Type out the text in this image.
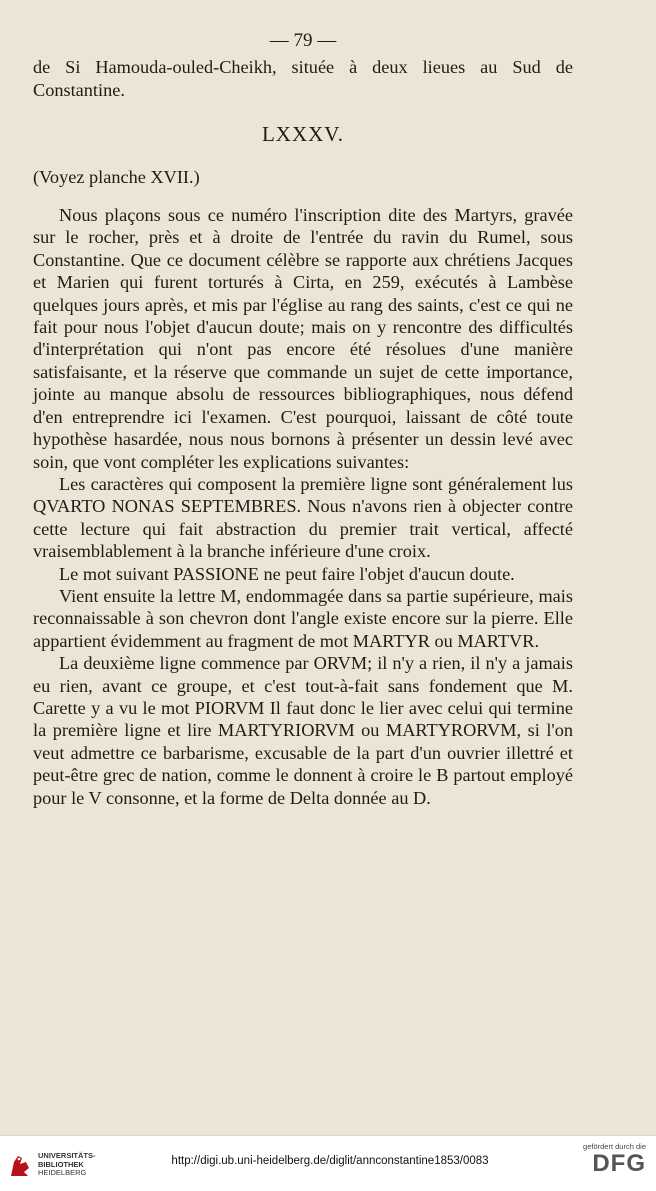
— 79 —

de Si Hamouda-ouled-Cheikh, située à deux lieues au Sud de Constantine.

LXXXV.

(Voyez planche XVII.)

Nous plaçons sous ce numéro l'inscription dite des Martyrs, gravée sur le rocher, près et à droite de l'entrée du ravin du Rumel, sous Constantine. Que ce document célèbre se rapporte aux chrétiens Jacques et Marien qui furent torturés à Cirta, en 259, exécutés à Lambèse quelques jours après, et mis par l'église au rang des saints, c'est ce qui ne fait pour nous l'objet d'aucun doute; mais on y rencontre des difficultés d'interprétation qui n'ont pas encore été résolues d'une manière satisfaisante, et la réserve que commande un sujet de cette importance, jointe au manque absolu de ressources bibliographiques, nous défend d'en entreprendre ici l'examen. C'est pourquoi, laissant de côté toute hypothèse hasardée, nous nous bornons à présenter un dessin levé avec soin, que vont compléter les explications suivantes:

Les caractères qui composent la première ligne sont généralement lus QVARTO NONAS SEPTEMBRES. Nous n'avons rien à objecter contre cette lecture qui fait abstraction du premier trait vertical, affecté vraisemblablement à la branche inférieure d'une croix.

Le mot suivant PASSIONE ne peut faire l'objet d'aucun doute.

Vient ensuite la lettre M, endommagée dans sa partie supérieure, mais reconnaissable à son chevron dont l'angle existe encore sur la pierre. Elle appartient évidemment au fragment de mot MARTYR ou MARTVR.

La deuxième ligne commence par ORVM; il n'y a rien, il n'y a jamais eu rien, avant ce groupe, et c'est tout-à-fait sans fondement que M. Carette y a vu le mot PIORVM Il faut donc le lier avec celui qui termine la première ligne et lire MARTYRIORVM ou MARTYRORVM, si l'on veut admettre ce barbarisme, excusable de la part d'un ouvrier illettré et peut-être grec de nation, comme le donnent à croire le B partout employé pour le V consonne, et la forme de Delta donnée au D.

UNIVERSITÄTS-
BIBLIOTHEK
HEIDELBERG
http://digi.ub.uni-heidelberg.de/diglit/annconstantine1853/0083
gefördert durch die
DFG
